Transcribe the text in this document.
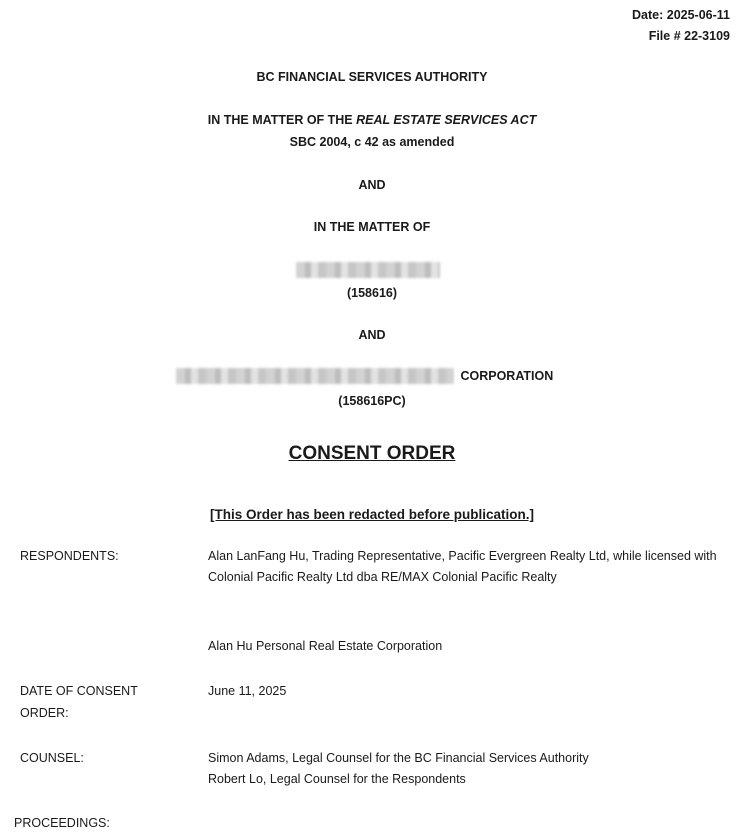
Date: 2025-06-11
File # 22-3109
BC FINANCIAL SERVICES AUTHORITY
IN THE MATTER OF THE REAL ESTATE SERVICES ACT
SBC 2004, c 42 as amended
AND
IN THE MATTER OF
(158616)
AND
CORPORATION
(158616PC)
CONSENT ORDER
[This Order has been redacted before publication.]
RESPONDENTS:	Alan LanFang Hu, Trading Representative, Pacific Evergreen Realty Ltd, while licensed with Colonial Pacific Realty Ltd dba RE/MAX Colonial Pacific Realty
Alan Hu Personal Real Estate Corporation
DATE OF CONSENT ORDER:
June 11, 2025
COUNSEL:	Simon Adams, Legal Counsel for the BC Financial Services Authority
Robert Lo, Legal Counsel for the Respondents
PROCEEDINGS:
